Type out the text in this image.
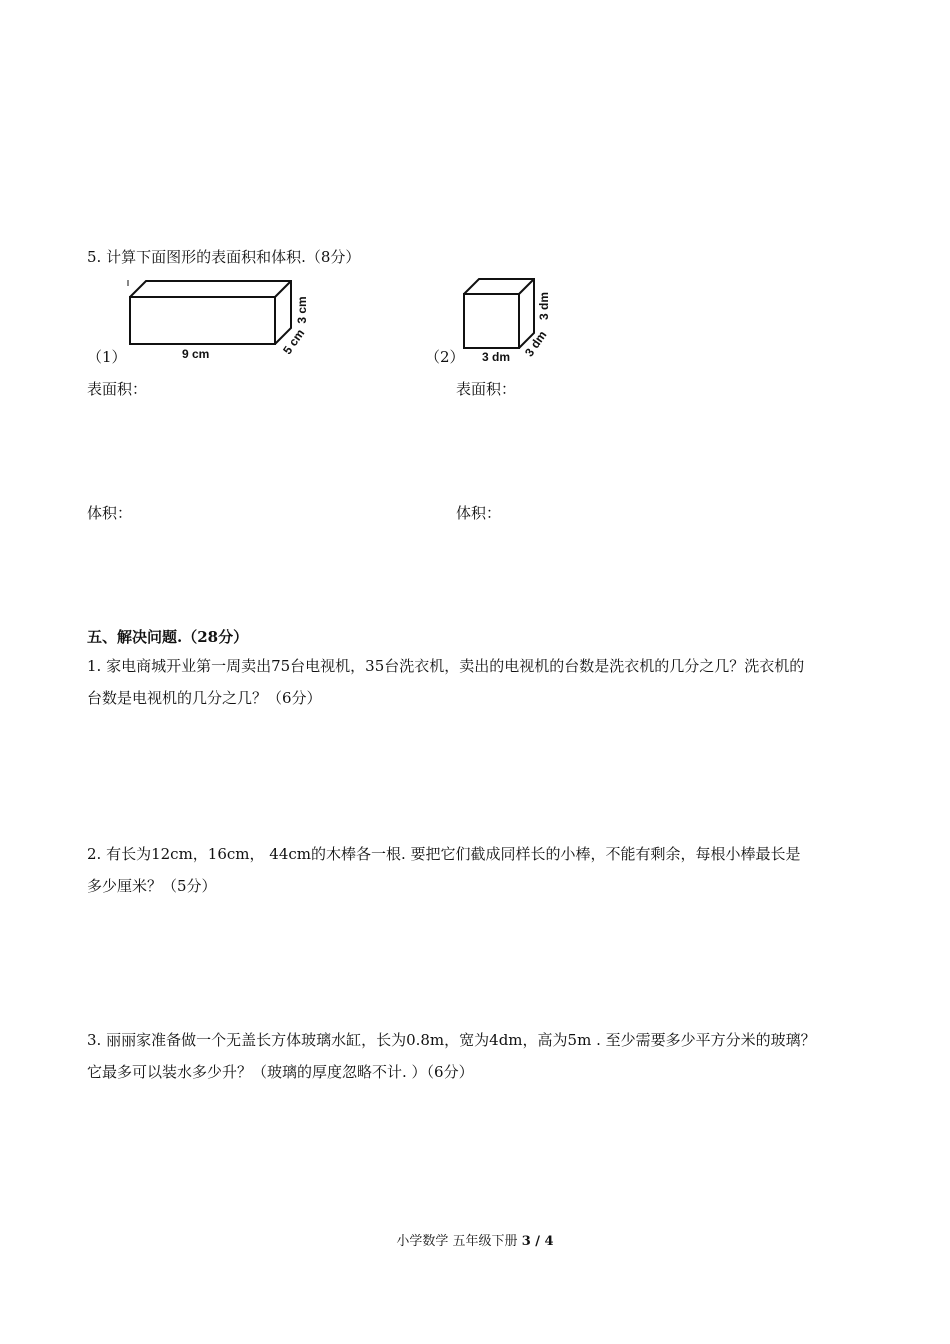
5. 计算下面图形的表面积和体积.（8分）
9 cm
3 cm
5 cm
（1）	3 dm
3 dm
3 dm
（2）
表面积：	表面积：
体积：	体积：
五、解决问题.（28分）
1. 家电商城开业第一周卖出75台电视机，35台洗衣机，卖出的电视机的台数是洗衣机的几分之几？洗衣机的
台数是电视机的几分之几？（6分）
2. 有长为12cm，16cm， 44cm的木棒各一根. 要把它们截成同样长的小棒，不能有剩余，每根小棒最长是
多少厘米？（5分）
3. 丽丽家准备做一个无盖长方体玻璃水缸，长为0.8m，宽为4dm，高为5m . 至少需要多少平方分米的玻璃？
它最多可以装水多少升？（玻璃的厚度忽略不计. ）（6分）
小学数学 五年级下册 3 / 4
